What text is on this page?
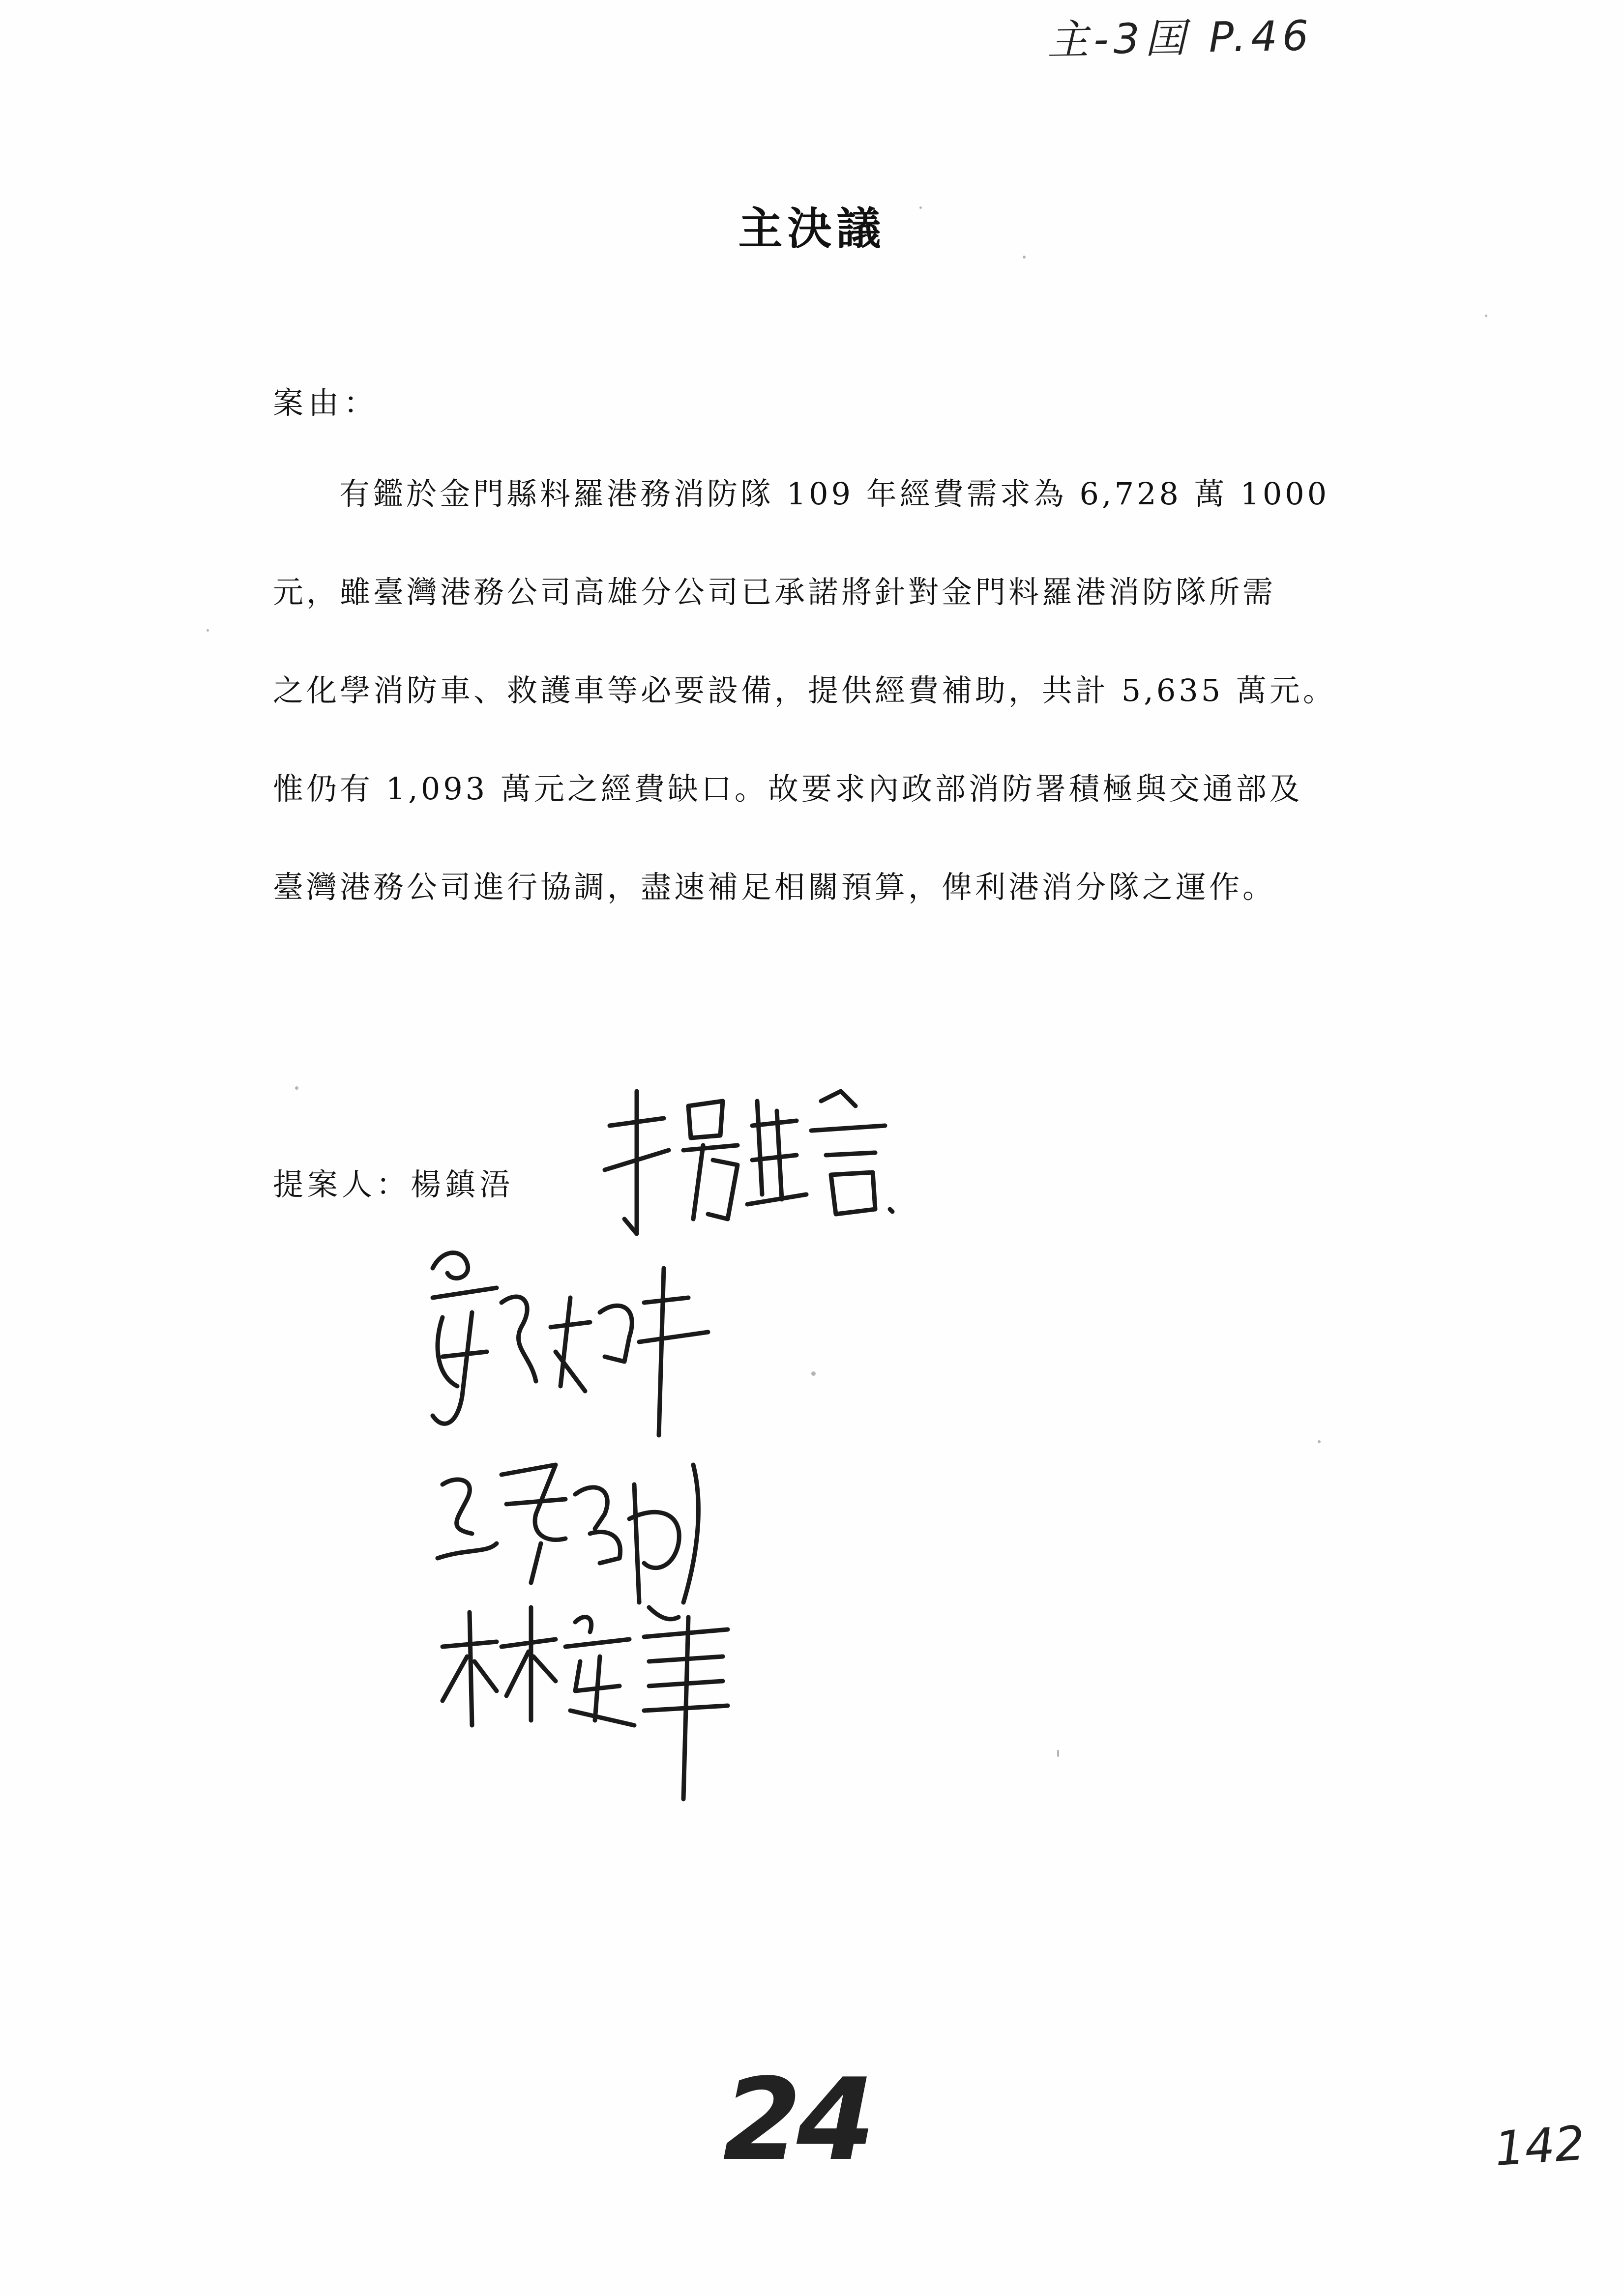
主-3囯 P.46
主決議
案由：
有鑑於金門縣料羅港務消防隊 109 年經費需求為 6,728 萬 1000
元，雖臺灣港務公司高雄分公司已承諾將針對金門料羅港消防隊所需
之化學消防車、救護車等必要設備，提供經費補助，共計 5,635 萬元。
惟仍有 1,093 萬元之經費缺口。故要求內政部消防署積極與交通部及
臺灣港務公司進行協調，盡速補足相關預算，俾利港消分隊之運作。
提案人：楊鎮浯
24	142
